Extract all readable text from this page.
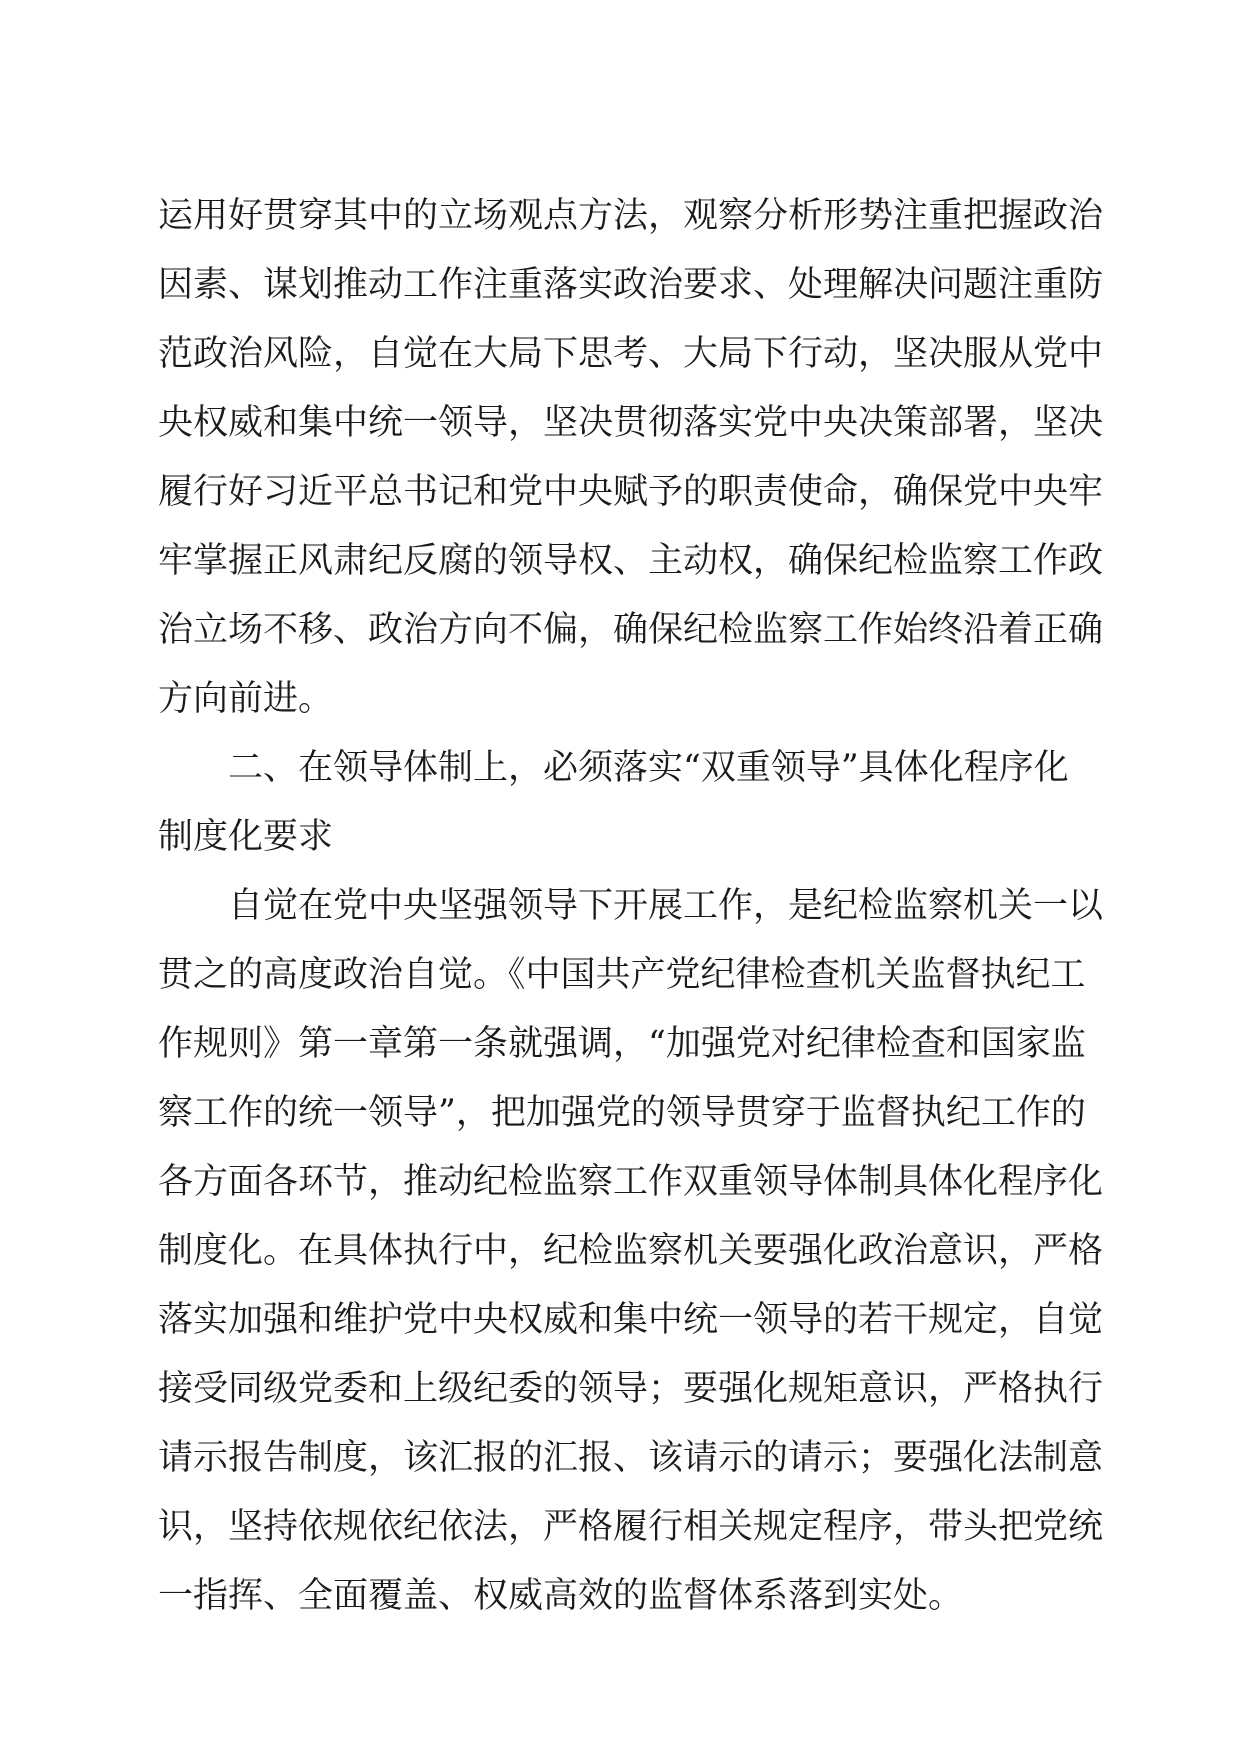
运用好贯穿其中的立场观点方法，观察分析形势注重把握政治
因素、谋划推动工作注重落实政治要求、处理解决问题注重防
范政治风险，自觉在大局下思考、大局下行动，坚决服从党中
央权威和集中统一领导，坚决贯彻落实党中央决策部署，坚决
履行好习近平总书记和党中央赋予的职责使命，确保党中央牢
牢掌握正风肃纪反腐的领导权、主动权，确保纪检监察工作政
治立场不移、政治方向不偏，确保纪检监察工作始终沿着正确
方向前进。
二、在领导体制上，必须落实“双重领导”具体化程序化
制度化要求
自觉在党中央坚强领导下开展工作，是纪检监察机关一以
贯之的高度政治自觉。《中国共产党纪律检查机关监督执纪工
作规则》第一章第一条就强调，“加强党对纪律检查和国家监
察工作的统一领导”，把加强党的领导贯穿于监督执纪工作的
各方面各环节，推动纪检监察工作双重领导体制具体化程序化
制度化。在具体执行中，纪检监察机关要强化政治意识，严格
落实加强和维护党中央权威和集中统一领导的若干规定，自觉
接受同级党委和上级纪委的领导；要强化规矩意识，严格执行
请示报告制度，该汇报的汇报、该请示的请示；要强化法制意
识，坚持依规依纪依法，严格履行相关规定程序，带头把党统
一指挥、全面覆盖、权威高效的监督体系落到实处。
